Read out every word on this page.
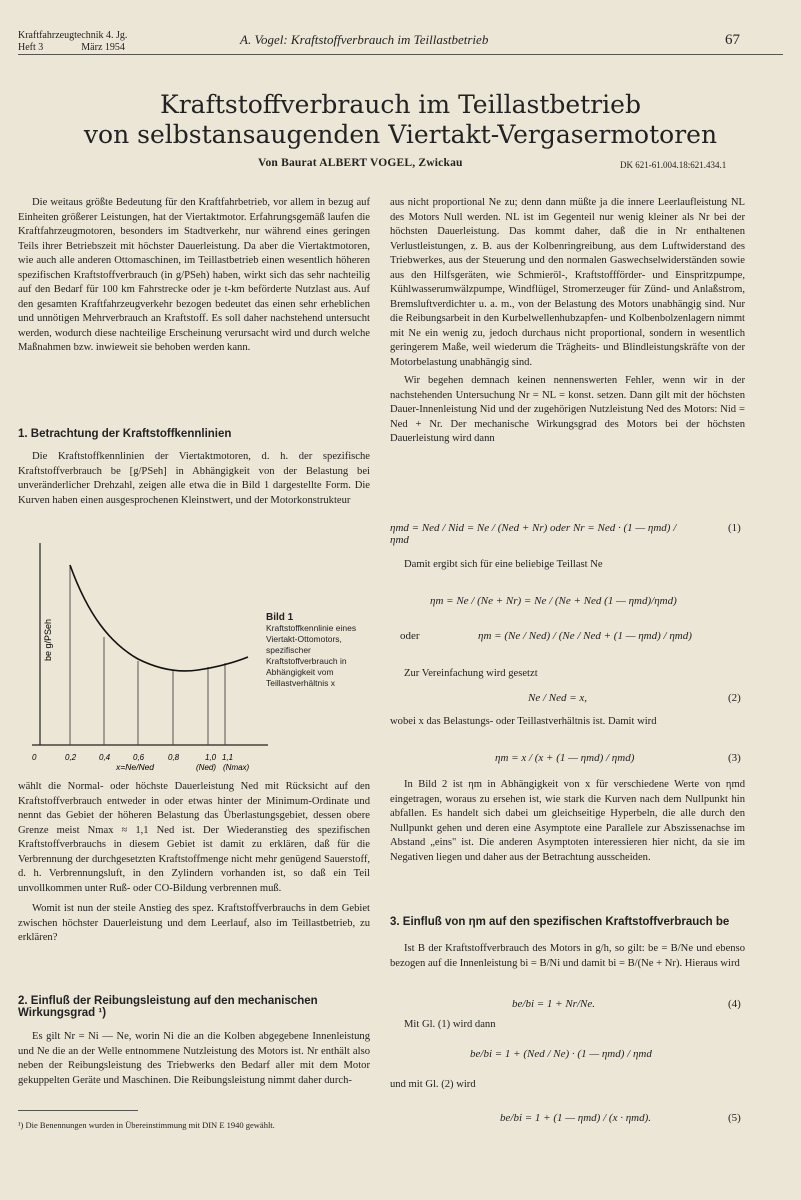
Kraftfahrzeugtechnik 4. Jg.
Heft 3	März 1954
A. Vogel: Kraftstoffverbrauch im Teillastbetrieb	67
Kraftstoffverbrauch im Teillastbetrieb
von selbstansaugenden Viertakt-Vergasermotoren
Von Baurat ALBERT VOGEL, Zwickau	DK 621-61.004.18:621.434.1

Die weitaus größte Bedeutung für den Kraftfahrbetrieb, vor allem in bezug auf Einheiten größerer Leistungen, hat der Viertaktmotor. Erfahrungsgemäß laufen die Kraftfahrzeugmotoren, besonders im Stadtverkehr, nur während eines geringen Teils ihrer Betriebszeit mit höchster Dauerleistung. Da aber die Viertaktmotoren, wie auch alle anderen Ottomaschinen, im Teillastbetrieb einen wesentlich höheren spezifischen Kraftstoffverbrauch (in g/PSeh) haben, wirkt sich das sehr nachteilig auf den Bedarf für 100 km Fahrstrecke oder je t-km beförderte Nutzlast aus. Auf den gesamten Kraftfahrzeugverkehr bezogen bedeutet das einen sehr erheblichen und unnötigen Mehrverbrauch an Kraftstoff. Es soll daher nachstehend untersucht werden, wodurch diese nachteilige Erscheinung verursacht wird und durch welche Maßnahmen bzw. inwieweit sie behoben werden kann.

1. Betrachtung der Kraftstoffkennlinien

Die Kraftstoffkennlinien der Viertaktmotoren, d. h. der spezifische Kraftstoffverbrauch be [g/PSeh] in Abhängigkeit von der Belastung bei unveränderlicher Drehzahl, zeigen alle etwa die in Bild 1 dargestellte Form. Die Kurven haben einen ausgesprochenen Kleinstwert, und der Motorkonstrukteur

be g/PSeh
0	0,2	0,4	0,6	0,8	1,0 1,1
x=Ne/Ned	(Ned) (Nmax)
Bild 1
Kraftstoffkennlinie eines Viertakt-Ottomotors, spezifischer Kraftstoffverbrauch in Abhängigkeit vom Teillastverhältnis x

wählt die Normal- oder höchste Dauerleistung Ned mit Rücksicht auf den Kraftstoffverbrauch entweder in oder etwas hinter der Minimum-Ordinate und nennt das Gebiet der höheren Belastung das Überlastungsgebiet, dessen obere Grenze meist Nmax ≈ 1,1 Ned ist. Der Wiederanstieg des spezifischen Kraftstoffverbrauchs in diesem Gebiet ist damit zu erklären, daß für die Verbrennung der durchgesetzten Kraftstoffmenge nicht mehr genügend Sauerstoff, d. h. Verbrennungsluft, in den Zylindern vorhanden ist, so daß ein Teil unvollkommen unter Ruß- oder CO-Bildung verbrennen muß.

Womit ist nun der steile Anstieg des spez. Kraftstoffverbrauchs in dem Gebiet zwischen höchster Dauerleistung und dem Leerlauf, also im Teillastbetrieb, zu erklären?

2. Einfluß der Reibungsleistung auf den mechanischen Wirkungsgrad ¹)

Es gilt Nr = Ni — Ne, worin Ni die an die Kolben abgegebene Innenleistung und Ne die an der Welle entnommene Nutzleistung des Motors ist. Nr enthält also neben der Reibungsleistung des Triebwerks den Bedarf aller mit dem Motor gekuppelten Geräte und Maschinen. Die Reibungsleistung nimmt daher durch-

¹) Die Benennungen wurden in Übereinstimmung mit DIN E 1940 gewählt.

aus nicht proportional Ne zu; denn dann müßte ja die innere Leerlaufleistung NL des Motors Null werden. NL ist im Gegenteil nur wenig kleiner als Nr bei der höchsten Dauerleistung. Das kommt daher, daß die in Nr enthaltenen Verlustleistungen, z. B. aus der Kolbenringreibung, aus dem Luftwiderstand des Triebwerkes, aus der Steuerung und den normalen Gaswechselwiderständen sowie aus den Hilfsgeräten, wie Schmieröl-, Kraftstoffförder- und Einspritzpumpe, Kühlwasserumwälzpumpe, Windflügel, Stromerzeuger für Zünd- und Anlaßstrom, Bremsluftverdichter u. a. m., von der Belastung des Motors unabhängig sind. Nur die Reibungsarbeit in den Kurbelwellenhubzapfen- und Kolbenbolzenlagern nimmt mit Ne ein wenig zu, jedoch durchaus nicht proportional, sondern in wesentlich geringerem Maße, weil wiederum die Trägheits- und Blindleistungskräfte von der Motorbelastung unabhängig sind.

Wir begehen demnach keinen nennenswerten Fehler, wenn wir in der nachstehenden Untersuchung Nr = NL = konst. setzen. Dann gilt mit der höchsten Dauer-Innenleistung Nid und der zugehörigen Nutzleistung Ned des Motors: Nid = Ned + Nr. Der mechanische Wirkungsgrad des Motors bei der höchsten Dauerleistung wird dann

ηmd = Ned / Nid = Ne / (Ned + Nr) oder Nr = Ned · (1 — ηmd) / ηmd
(1)

Damit ergibt sich für eine beliebige Teillast Ne

ηm = Ne / (Ne + Nr) = Ne / (Ne + Ned (1 — ηmd)/ηmd)
oder	ηm = (Ne / Ned) / (Ne / Ned + (1 — ηmd) / ηmd)

Zur Vereinfachung wird gesetzt

Ne / Ned = x,	(2)

wobei x das Belastungs- oder Teillastverhältnis ist. Damit wird

ηm = x / (x + (1 — ηmd) / ηmd)	(3)

In Bild 2 ist ηm in Abhängigkeit von x für verschiedene Werte von ηmd eingetragen, woraus zu ersehen ist, wie stark die Kurven nach dem Nullpunkt hin abfallen. Es handelt sich dabei um gleichseitige Hyperbeln, die alle durch den Nullpunkt gehen und deren eine Asymptote eine Parallele zur Abszissenachse im Abstand „eins" ist. Die anderen Asymptoten interessieren hier nicht, da sie im Negativen liegen und daher aus der Betrachtung ausscheiden.

3. Einfluß von ηm auf den spezifischen Kraftstoffverbrauch be

Ist B der Kraftstoffverbrauch des Motors in g/h, so gilt: be = B/Ne und ebenso bezogen auf die Innenleistung bi = B/Ni und damit bi = B/(Ne + Nr). Hieraus wird

be/bi = 1 + Nr/Ne.	(4)

Mit Gl. (1) wird dann

be/bi = 1 + (Ned / Ne) · (1 — ηmd) / ηmd

und mit Gl. (2) wird

be/bi = 1 + (1 — ηmd) / (x · ηmd).	(5)
